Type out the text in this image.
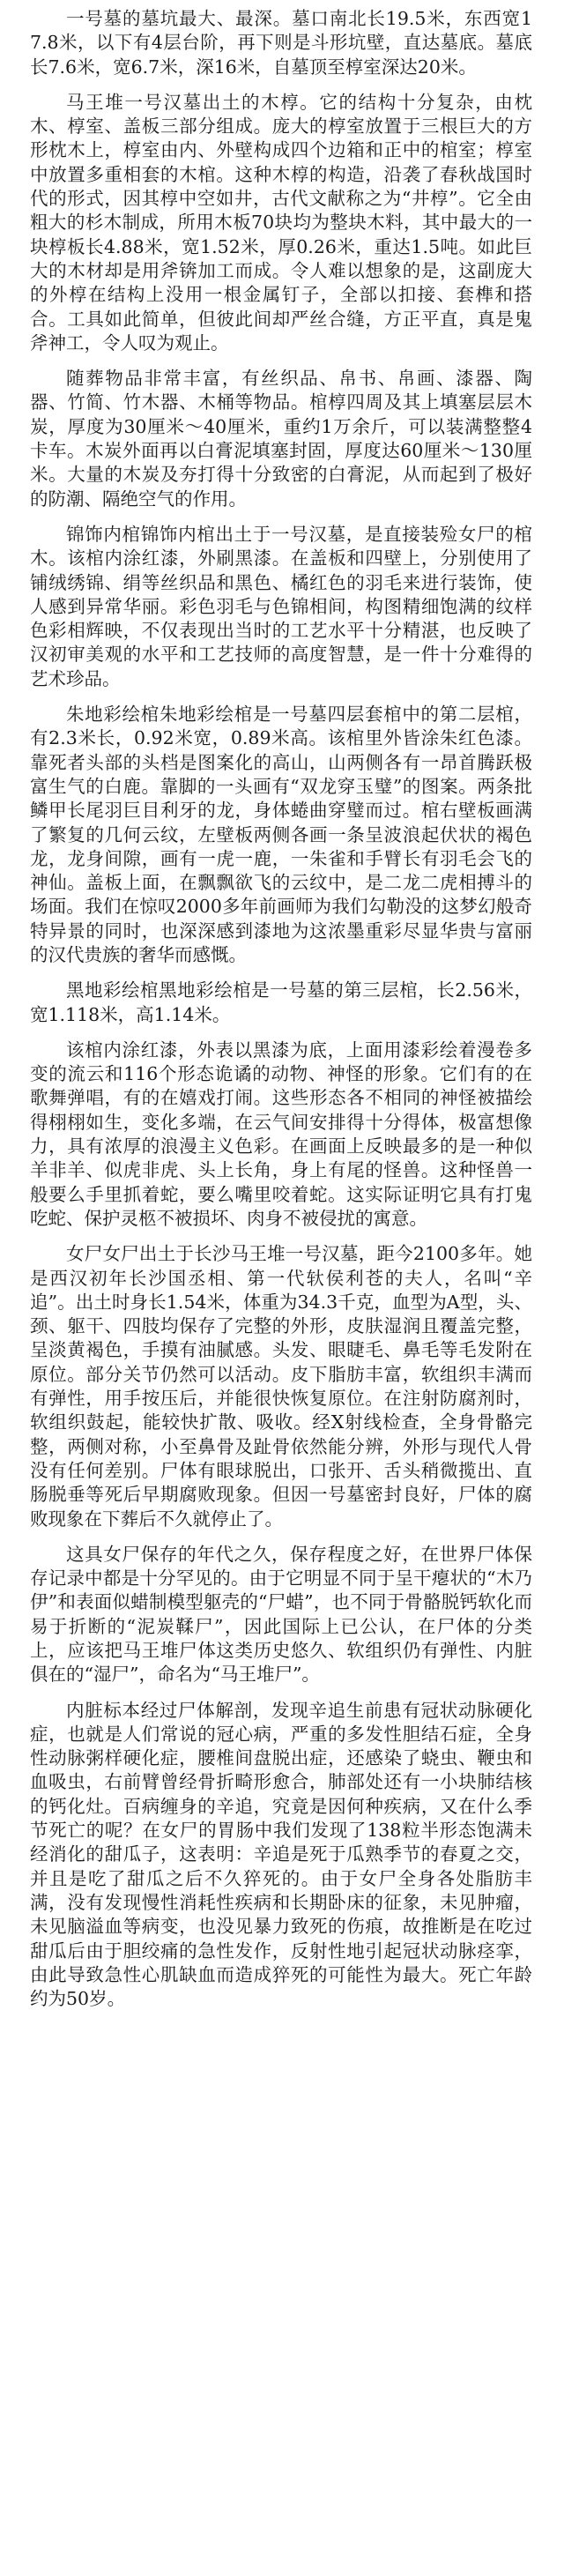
一号墓的墓坑最大、最深。墓口南北长19.5米，东西宽17.8米，以下有4层台阶，再下则是斗形坑壁，直达墓底。墓底长7.6米，宽6.7米，深16米，自墓顶至椁室深达20米。

马王堆一号汉墓出土的木椁。它的结构十分复杂，由枕木、椁室、盖板三部分组成。庞大的椁室放置于三根巨大的方形枕木上，椁室由内、外壁构成四个边箱和正中的棺室；椁室中放置多重相套的木棺。这种木椁的构造，沿袭了春秋战国时代的形式，因其椁中空如井，古代文献称之为“井椁”。它全由粗大的杉木制成，所用木板70块均为整块木料，其中最大的一块椁板长4.88米，宽1.52米，厚0.26米，重达1.5吨。如此巨大的木材却是用斧锛加工而成。令人难以想象的是，这副庞大的外椁在结构上没用一根金属钉子，全部以扣接、套榫和搭合。工具如此简单，但彼此间却严丝合缝，方正平直，真是鬼斧神工，令人叹为观止。

随葬物品非常丰富，有丝织品、帛书、帛画、漆器、陶器、竹简、竹木器、木桶等物品。棺椁四周及其上填塞层层木炭，厚度为30厘米～40厘米，重约1万余斤，可以装满整整4卡车。木炭外面再以白膏泥填塞封固，厚度达60厘米～130厘米。大量的木炭及夯打得十分致密的白膏泥，从而起到了极好的防潮、隔绝空气的作用。

锦饰内棺锦饰内棺出土于一号汉墓，是直接装殓女尸的棺木。该棺内涂红漆，外刷黑漆。在盖板和四壁上，分别使用了铺绒绣锦、绢等丝织品和黑色、橘红色的羽毛来进行装饰，使人感到异常华丽。彩色羽毛与色锦相间，构图精细饱满的纹样色彩相辉映，不仅表现出当时的工艺水平十分精湛，也反映了汉初审美观的水平和工艺技师的高度智慧，是一件十分难得的艺术珍品。

朱地彩绘棺朱地彩绘棺是一号墓四层套棺中的第二层棺，有2.3米长，0.92米宽，0.89米高。该棺里外皆涂朱红色漆。靠死者头部的头档是图案化的高山，山两侧各有一昂首腾跃极富生气的白鹿。靠脚的一头画有“双龙穿玉璧”的图案。两条批鳞甲长尾羽巨目利牙的龙，身体蜷曲穿璧而过。棺右壁板画满了繁复的几何云纹，左壁板两侧各画一条呈波浪起伏状的褐色龙，龙身间隙，画有一虎一鹿，一朱雀和手臂长有羽毛会飞的神仙。盖板上面，在飘飘欲飞的云纹中，是二龙二虎相搏斗的场面。我们在惊叹2000多年前画师为我们勾勒没的这梦幻般奇特异景的同时，也深深感到漆地为这浓墨重彩尽显华贵与富丽的汉代贵族的奢华而感慨。

黑地彩绘棺黑地彩绘棺是一号墓的第三层棺，长2.56米，宽1.118米，高1.14米。

该棺内涂红漆，外表以黑漆为底，上面用漆彩绘着漫卷多变的流云和116个形态诡谲的动物、神怪的形象。它们有的在歌舞弹唱，有的在嬉戏打闹。这些形态各不相同的神怪被描绘得栩栩如生，变化多端，在云气间安排得十分得体，极富想像力，具有浓厚的浪漫主义色彩。在画面上反映最多的是一种似羊非羊、似虎非虎、头上长角，身上有尾的怪兽。这种怪兽一般要么手里抓着蛇，要么嘴里咬着蛇。这实际证明它具有打鬼吃蛇、保护灵柩不被损坏、肉身不被侵扰的寓意。

女尸女尸出土于长沙马王堆一号汉墓，距今2100多年。她是西汉初年长沙国丞相、第一代轪侯利苍的夫人，名叫“辛追”。出土时身长1.54米，体重为34.3千克，血型为A型，头、颈、躯干、四肢均保存了完整的外形，皮肤湿润且覆盖完整，呈淡黄褐色，手摸有油腻感。头发、眼睫毛、鼻毛等毛发附在原位。部分关节仍然可以活动。皮下脂肪丰富，软组织丰满而有弹性，用手按压后，并能很快恢复原位。在注射防腐剂时，软组织鼓起，能较快扩散、吸收。经X射线检查，全身骨骼完整，两侧对称，小至鼻骨及趾骨依然能分辨，外形与现代人骨没有任何差别。尸体有眼球脱出，口张开、舌头稍微揽出、直肠脱垂等死后早期腐败现象。但因一号墓密封良好，尸体的腐败现象在下葬后不久就停止了。

这具女尸保存的年代之久，保存程度之好，在世界尸体保存记录中都是十分罕见的。由于它明显不同于呈干瘪状的“木乃伊”和表面似蜡制模型躯壳的“尸蜡”，也不同于骨骼脱钙软化而易于折断的“泥炭鞣尸”，因此国际上已公认，在尸体的分类上，应该把马王堆尸体这类历史悠久、软组织仍有弹性、内脏俱在的“湿尸”，命名为“马王堆尸”。

内脏标本经过尸体解剖，发现辛追生前患有冠状动脉硬化症，也就是人们常说的冠心病，严重的多发性胆结石症，全身性动脉粥样硬化症，腰椎间盘脱出症，还感染了蛲虫、鞭虫和血吸虫，右前臂曾经骨折畸形愈合，肺部处还有一小块肺结核的钙化灶。百病缠身的辛追，究竟是因何种疾病，又在什么季节死亡的呢？在女尸的胃肠中我们发现了138粒半形态饱满未经消化的甜瓜子，这表明：辛追是死于瓜熟季节的春夏之交，并且是吃了甜瓜之后不久猝死的。由于女尸全身各处脂肪丰满，没有发现慢性消耗性疾病和长期卧床的征象，未见肿瘤，未见脑溢血等病变，也没见暴力致死的伤痕，故推断是在吃过甜瓜后由于胆绞痛的急性发作，反射性地引起冠状动脉痉挛，由此导致急性心肌缺血而造成猝死的可能性为最大。死亡年龄约为50岁。
